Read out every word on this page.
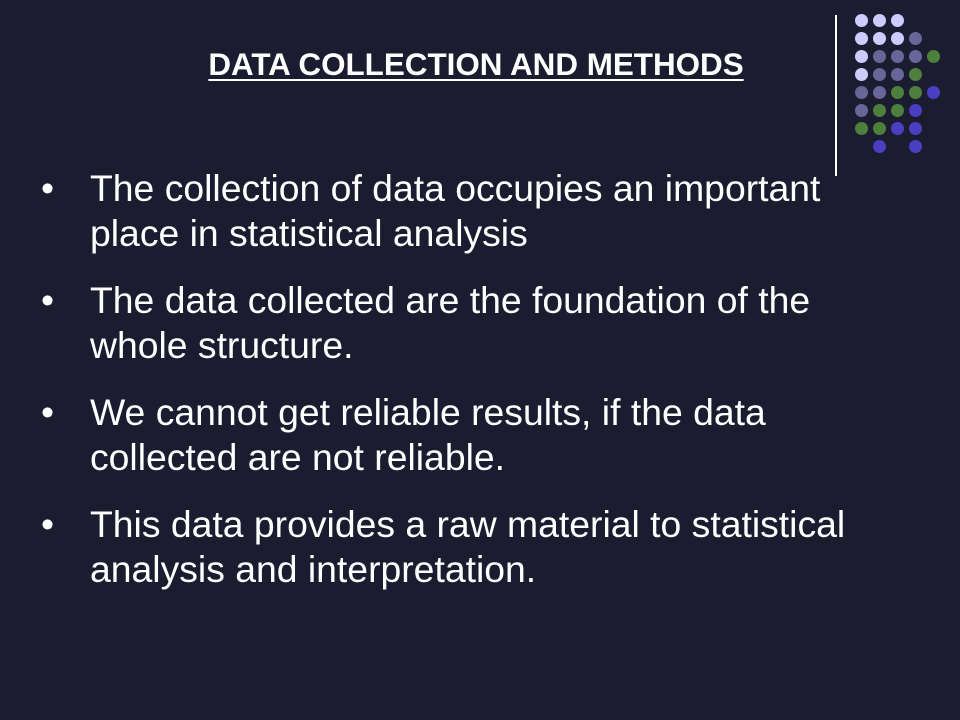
DATA COLLECTION AND METHODS
• The collection of data occupies an important place in statistical analysis
• The data collected are the foundation of the whole structure.
• We cannot get reliable results, if the data collected are not reliable.
• This data provides a raw material to statistical analysis and interpretation.
